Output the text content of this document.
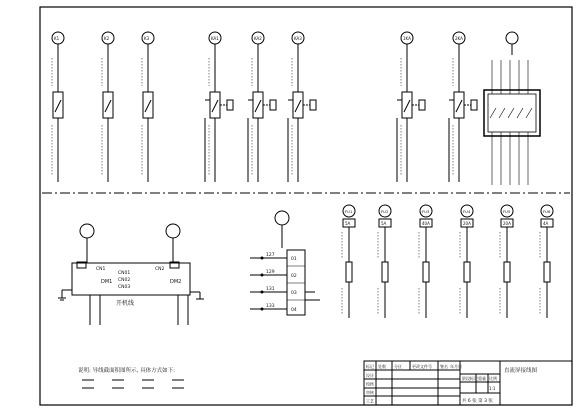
K1	K2	K3	KA1	KA2	KA3	1KA	2KA
FU1
5A
FU2
5A
FU3
40A
FU4
20A
FU5
20A
FU6
4A
DM1	DM2
CN01
CN02
CN03
CN1	CN2
开机线
127
01
129
02
131
03
133
04
说明: 导线截面积图所示, 具体方式如下:	直流屏接线图
共 6 张 第 3 张
阶段标记 重量 比例
1:1
标记 处数 分区	更改文件号 签名 年月日
设计
校核
审核
工艺
